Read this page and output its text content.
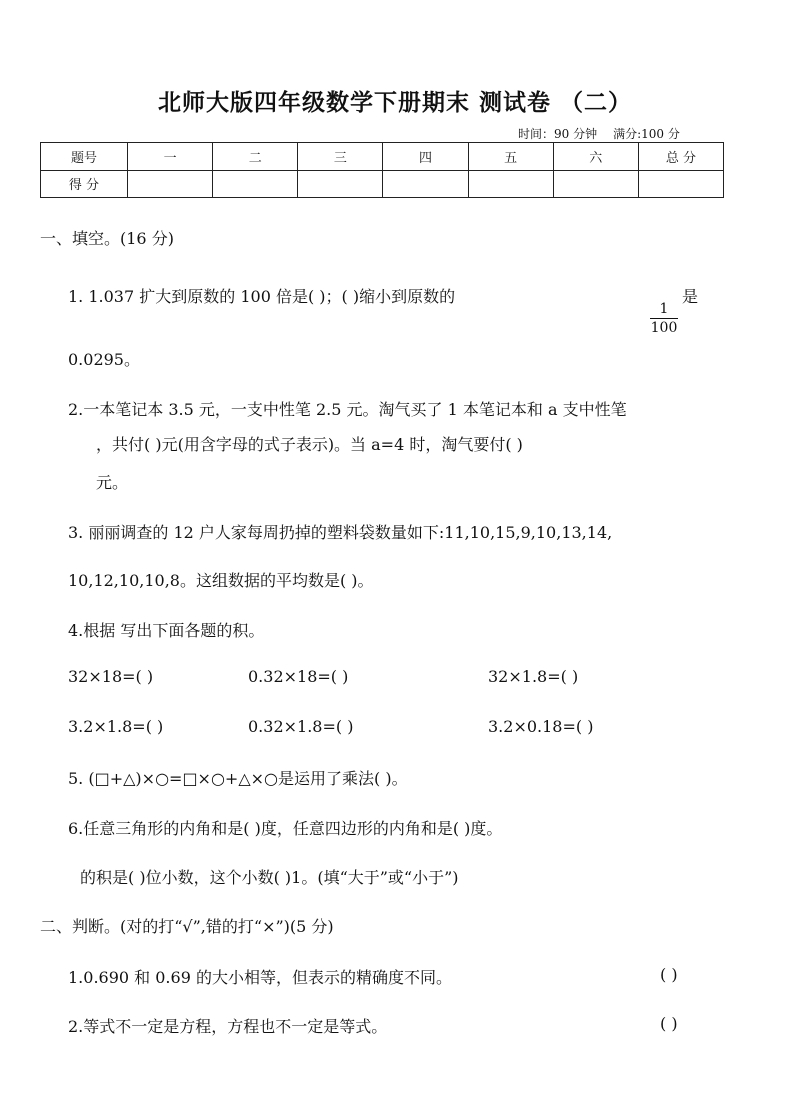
北师大版四年级数学下册期末 测试卷 （二）
时间：90 分钟 满分:100 分
题号	一	二	三	四	五	六	总 分
得 分							
一、填空。(16 分)
1. 1.037 扩大到原数的 100 倍是( )；( )缩小到原数的
$\frac{1}{100}$
是
0.0295。
2.一本笔记本 3.5 元，一支中性笔 2.5 元。淘气买了 1 本笔记本和 a 支中性笔
，共付( )元(用含字母的式子表示)。当 a=4 时，淘气要付( )
元。
3. 丽丽调查的 12 户人家每周扔掉的塑料袋数量如下:11,10,15,9,10,13,14,
10,12,10,10,8。这组数据的平均数是( )。
4.根据 写出下面各题的积。
32×18=( )	0.32×18=( )	32×1.8=( )
3.2×1.8=( )	0.32×1.8=( )	3.2×0.18=( )
5. (□+△)×○=□×○+△×○是运用了乘法( )。
6.任意三角形的内角和是( )度，任意四边形的内角和是( )度。
的积是( )位小数，这个小数( )1。(填“大于”或“小于”)
二、判断。(对的打“√”,错的打“×”)(5 分)
1.0.690 和 0.69 的大小相等，但表示的精确度不同。	( )
2.等式不一定是方程，方程也不一定是等式。	( )
